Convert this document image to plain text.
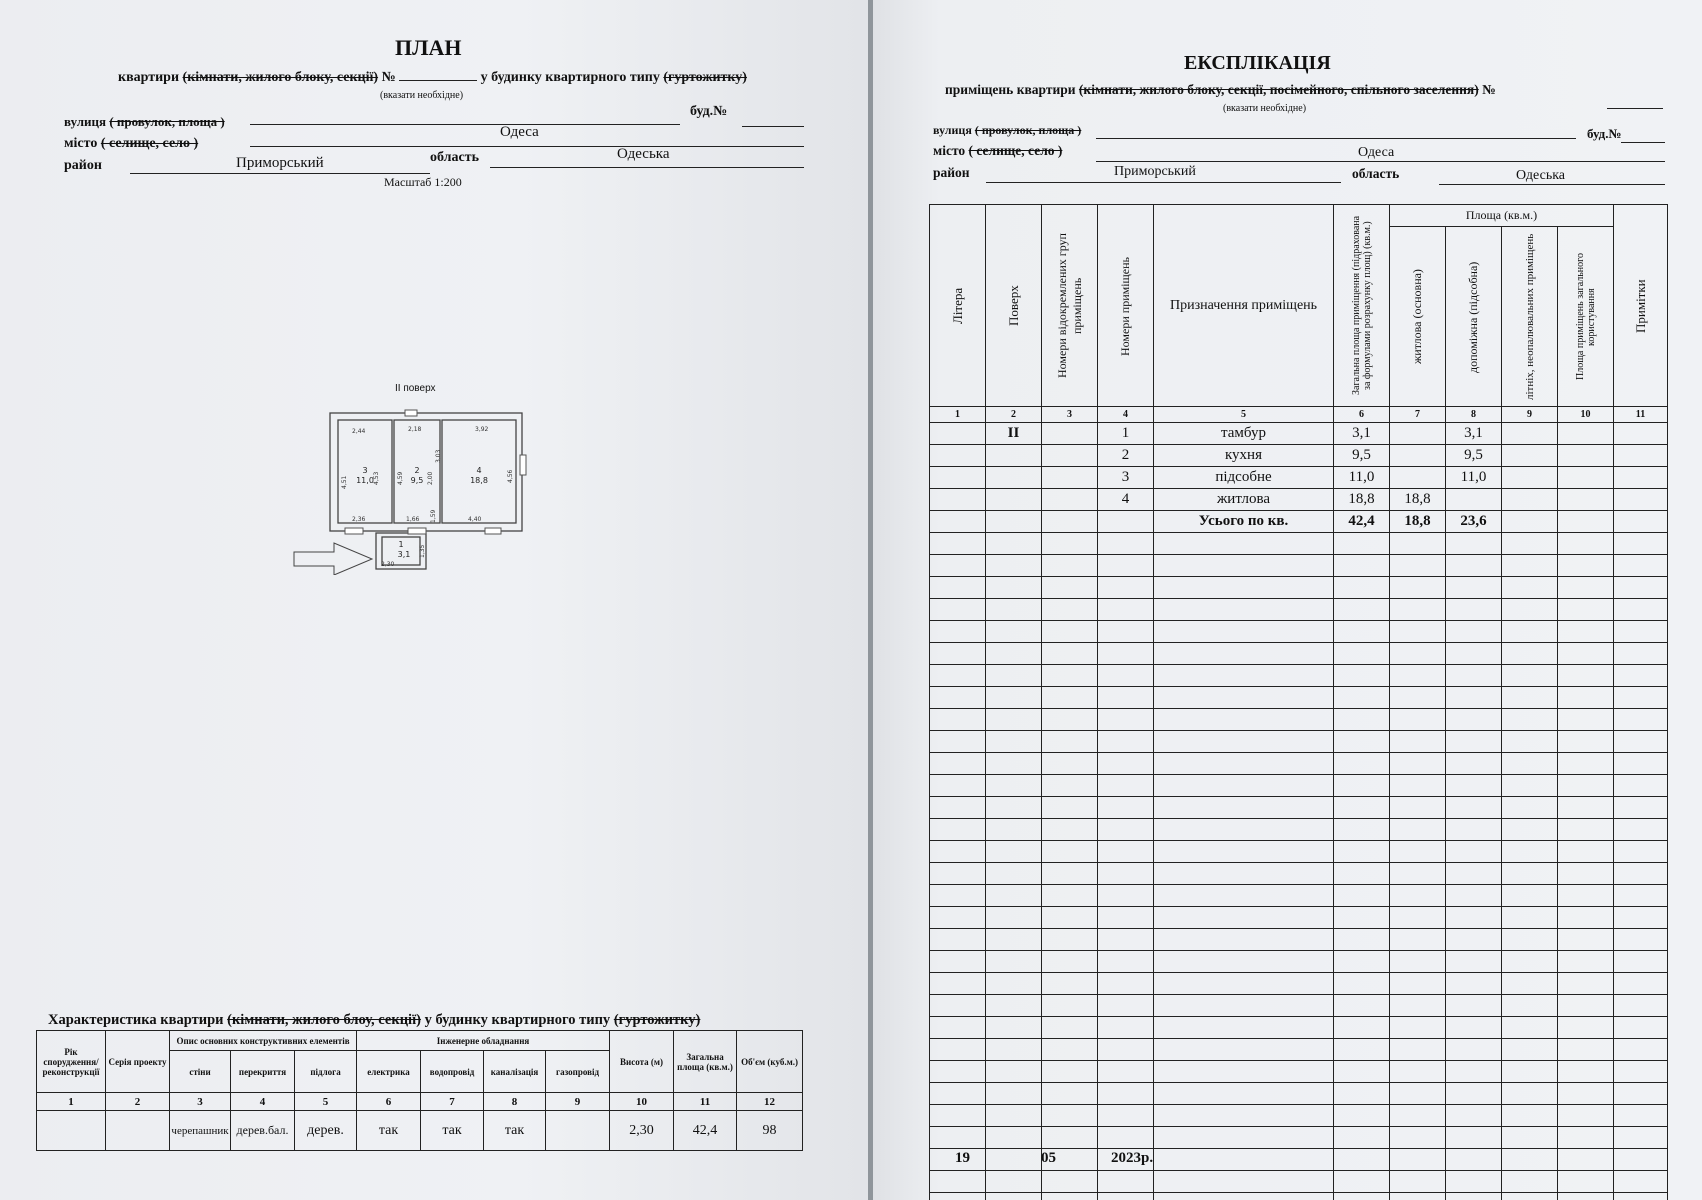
ПЛАН
квартири (кімнати, жилого блоку, секції) №	у будинку квартирного типу (гуртожитку)
(вказати необхідне)
вулиця ( провулок, площа )
буд.№
місто ( селище, село )
Одеса
район	Приморський	область	Одеська
Масштаб 1:200
ІІ поверх
2,44	2,18	3,92
4,51	4,53	4,59	2,00
3,03
4,56
2,36	1,66 1,59	4,40
1,35
2,30
3
11,0
2
9,5
4
18,8
1
3,1
Характеристика квартири (кімнати, жилого блоу, секції) у будинку квартирного типу (гуртожитку)
Рік спорудження/ реконструкції	Серія проекту	Опис основних конструктивних елементів			Інженерне обладнання				Висота (м)	Загальна площа (кв.м.)	Об'єм (куб.м.)
		стіни	перекриття	підлога	електрика	водопровід	каналізація	газопровід			
1	2	3	4	5	6	7	8	9	10	11	12
		черепашник	дерев.бал.	дерев.	так	так	так		2,30	42,4	98
ЕКСПЛІКАЦІЯ
приміщень квартири (кімнати, жилого блоку, секції, посімейного, спільного заселення) №
(вказати необхідне)
вулиця ( провулок, площа )	буд.№
місто ( селище, село )	Одеса
район	Приморський	область	Одеська
Літера	Поверх	Номери відокремлених груп приміщень	Номери приміщень	Призначення приміщень	Загальна площа приміщення (підрахована за формулами розрахунку площ) (кв.м.)	Площа (кв.м.)				Примітки

						житлова (основна)	допоміжна (підсобна)	літніх, неопалювальних приміщень	Площа приміщень загального користування	

1	2	3	4	5	6	7	8	9	10	11
	ІІ		1	тамбур	3,1		3,1			
			2	кухня	9,5		9,5			
			3	підсобне	11,0		11,0			
			4	житлова	18,8	18,8				
				Усього по кв.	42,4	18,8	23,6			

19	05	2023р.
